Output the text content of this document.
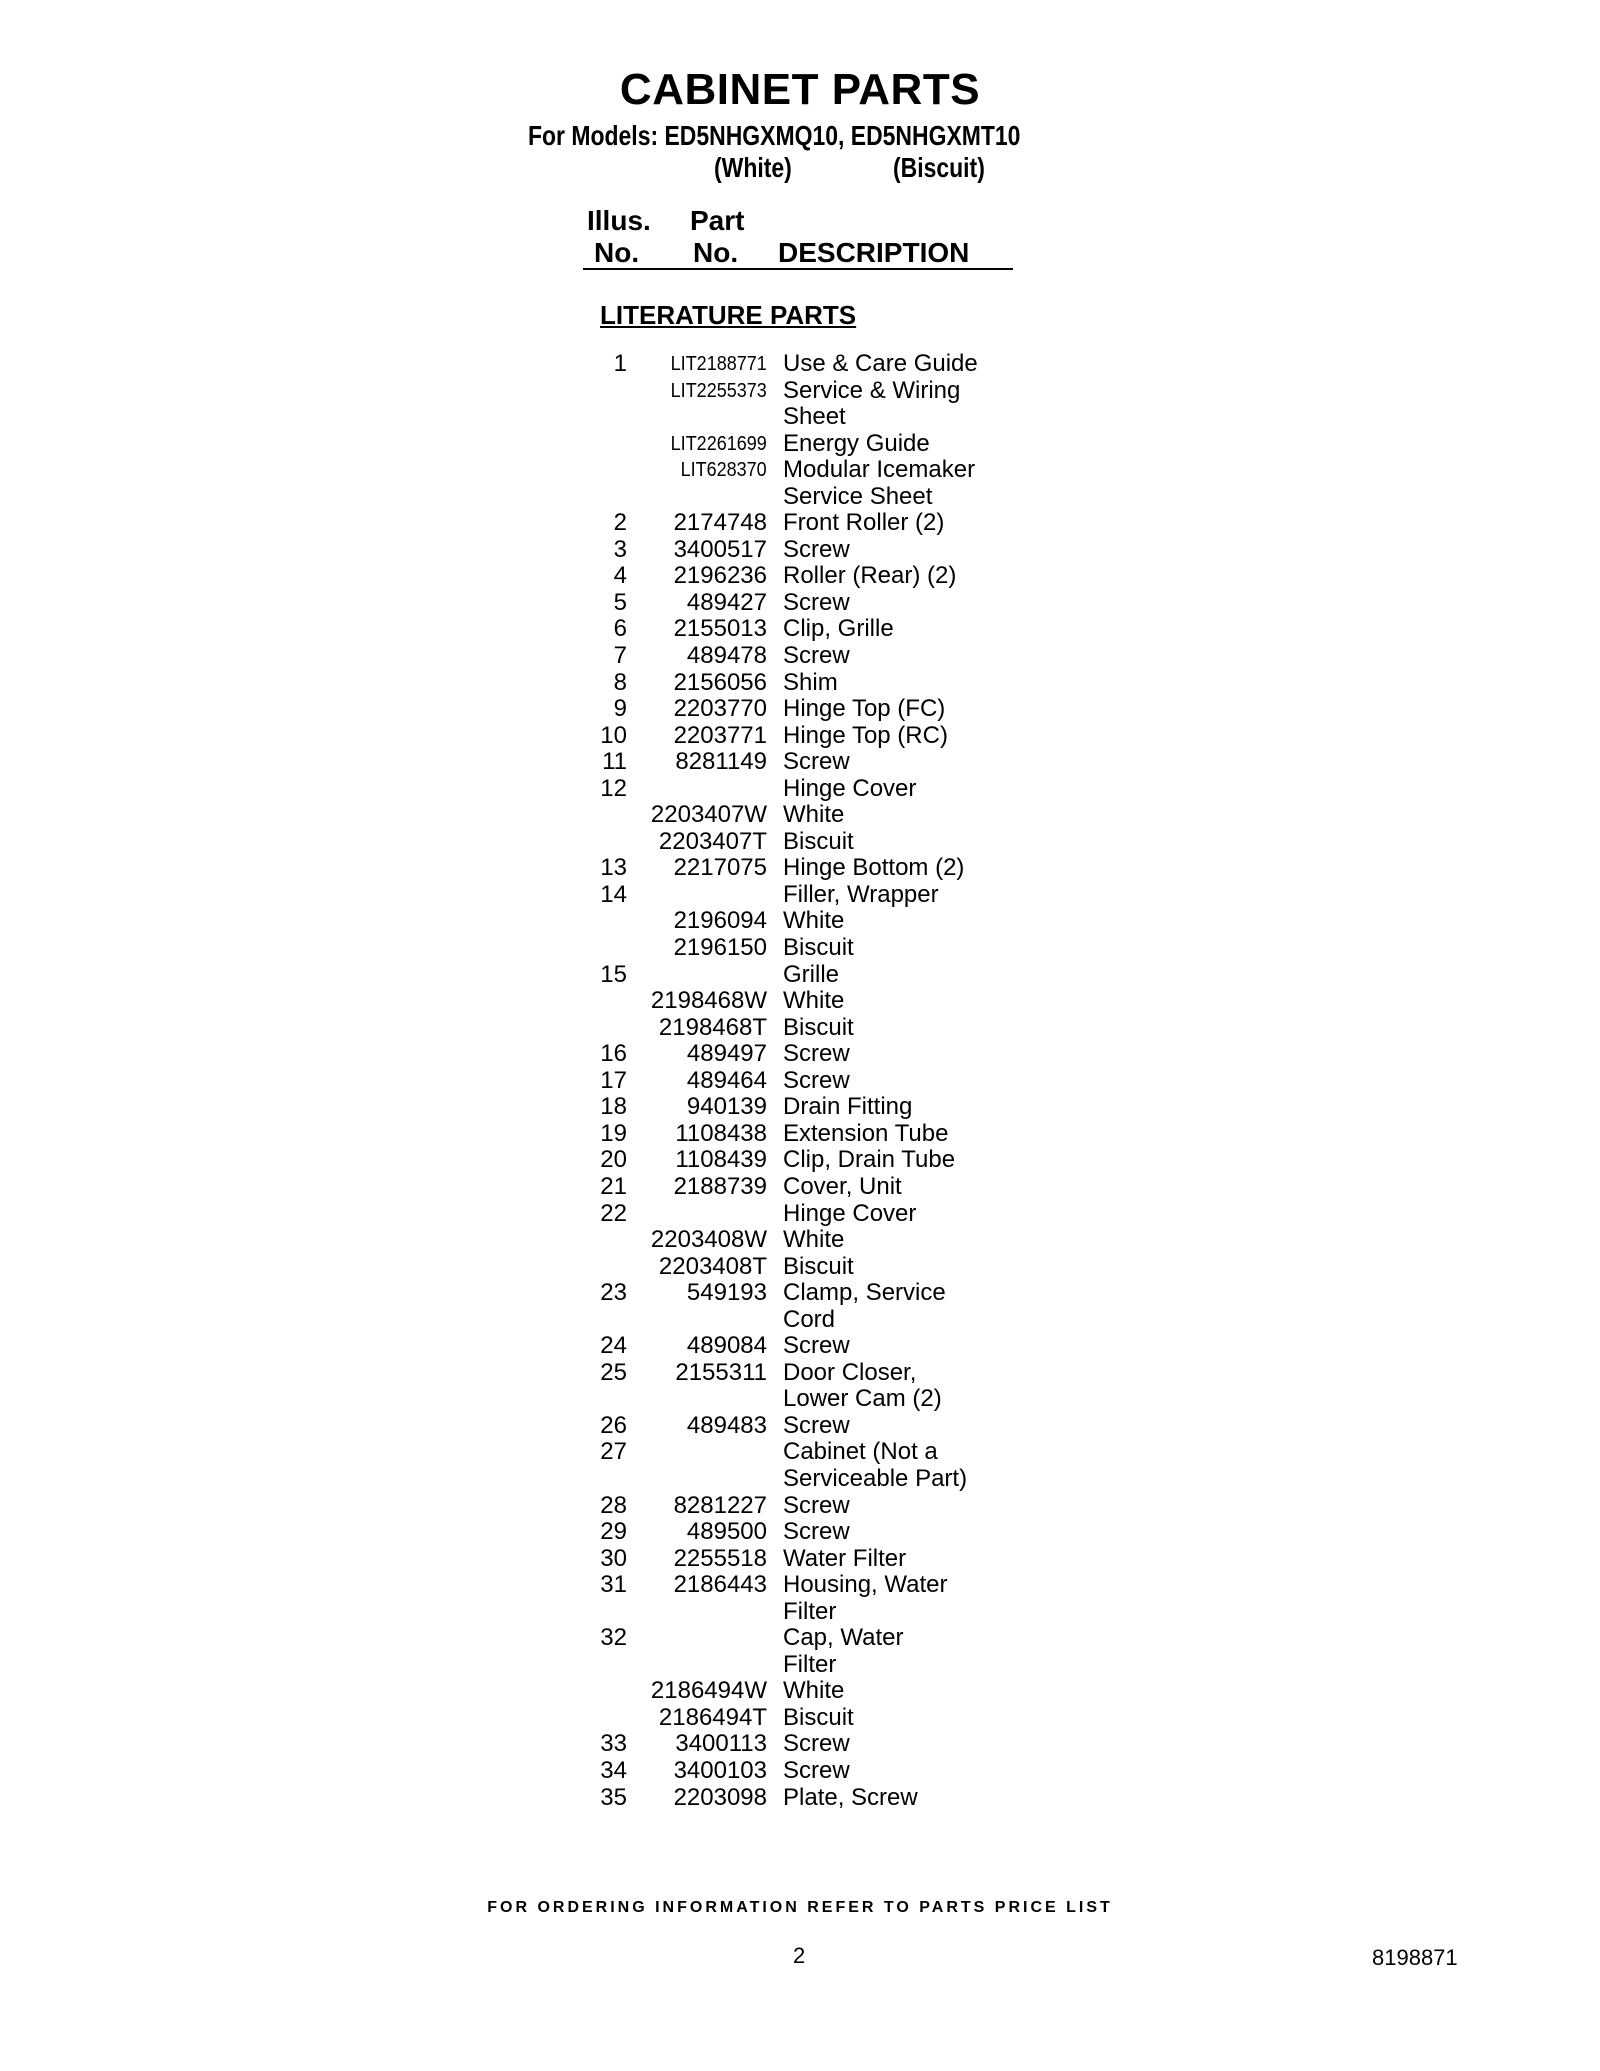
CABINET PARTS
For Models: ED5NHGXMQ10, ED5NHGXMT10
(White)	(Biscuit)
Illus.
No.
Part
No. DESCRIPTION
LITERATURE PARTS
1 LIT2188771 Use & Care Guide
LIT2255373 Service & Wiring
Sheet
LIT2261699 Energy Guide
LIT628370 Modular Icemaker
Service Sheet
2 2174748 Front Roller (2)
3 3400517 Screw
4 2196236 Roller (Rear) (2)
5 489427 Screw
6 2155013 Clip, Grille
7 489478 Screw
8 2156056 Shim
9 2203770 Hinge Top (FC)
10 2203771 Hinge Top (RC)
11 8281149 Screw
12	Hinge Cover
2203407W White
2203407T Biscuit
13 2217075 Hinge Bottom (2)
14	Filler, Wrapper
2196094 White
2196150 Biscuit
15	Grille
2198468W White
2198468T Biscuit
16 489497 Screw
17 489464 Screw
18 940139 Drain Fitting
19 1108438 Extension Tube
20 1108439 Clip, Drain Tube
21 2188739 Cover, Unit
22	Hinge Cover
2203408W White
2203408T Biscuit
23 549193 Clamp, Service
Cord
24 489084 Screw
25 2155311 Door Closer,
Lower Cam (2)
26 489483 Screw
27	Cabinet (Not a
Serviceable Part)
28 8281227 Screw
29 489500 Screw
30 2255518 Water Filter
31 2186443 Housing, Water
Filter
32	Cap, Water
Filter
2186494W White
2186494T Biscuit
33 3400113 Screw
34 3400103 Screw
35 2203098 Plate, Screw
FOR ORDERING INFORMATION REFER TO PARTS PRICE LIST
2	8198871
